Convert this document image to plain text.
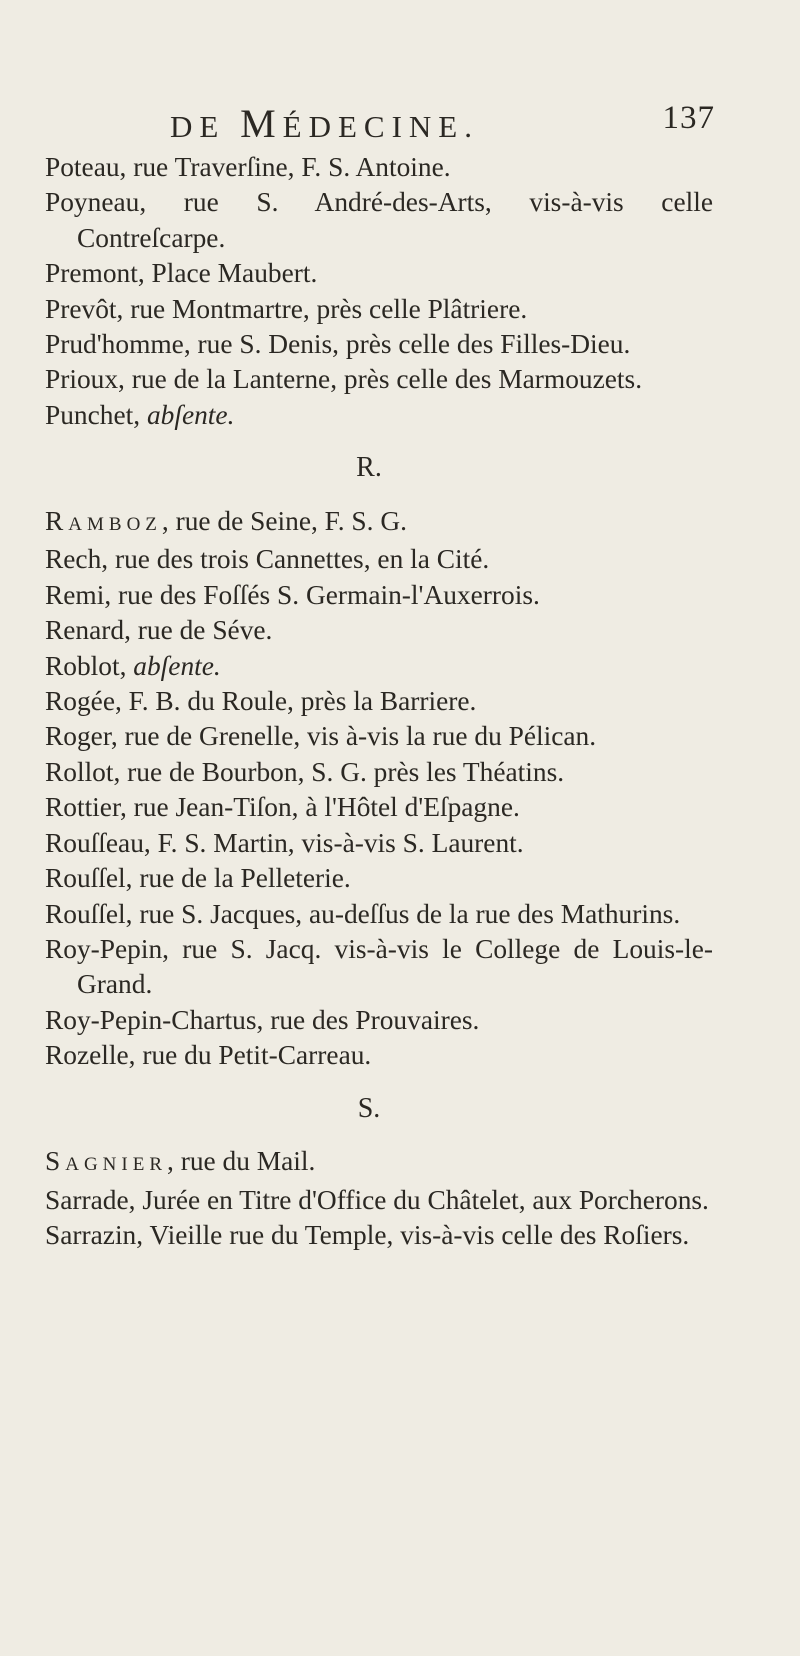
DE MÉDECINE.	137
Poteau, rue Traverſine, F. S. Antoine.
Poyneau, rue S. André-des-Arts, vis-à-vis celle Contreſcarpe.
Premont, Place Maubert.
Prevôt, rue Montmartre, près celle Plâtriere.
Prud'homme, rue S. Denis, près celle des Filles-Dieu.
Prioux, rue de la Lanterne, près celle des Marmouzets.
Punchet, abſente.
R.
RAMBOZ, rue de Seine, F. S. G.
Rech, rue des trois Cannettes, en la Cité.
Remi, rue des Foſſés S. Germain-l'Auxerrois.
Renard, rue de Séve.
Roblot, abſente.
Rogée, F. B. du Roule, près la Barriere.
Roger, rue de Grenelle, vis à-vis la rue du Pélican.
Rollot, rue de Bourbon, S. G. près les Théatins.
Rottier, rue Jean-Tiſon, à l'Hôtel d'Eſpagne.
Rouſſeau, F. S. Martin, vis-à-vis S. Laurent.
Rouſſel, rue de la Pelleterie.
Rouſſel, rue S. Jacques, au-deſſus de la rue des Mathurins.
Roy-Pepin, rue S. Jacq. vis-à-vis le College de Louis-le-Grand.
Roy-Pepin-Chartus, rue des Prouvaires.
Rozelle, rue du Petit-Carreau.
S.
SAGNIER, rue du Mail.
Sarrade, Jurée en Titre d'Office du Châtelet, aux Porcherons.
Sarrazin, Vieille rue du Temple, vis-à-vis celle des Roſiers.
